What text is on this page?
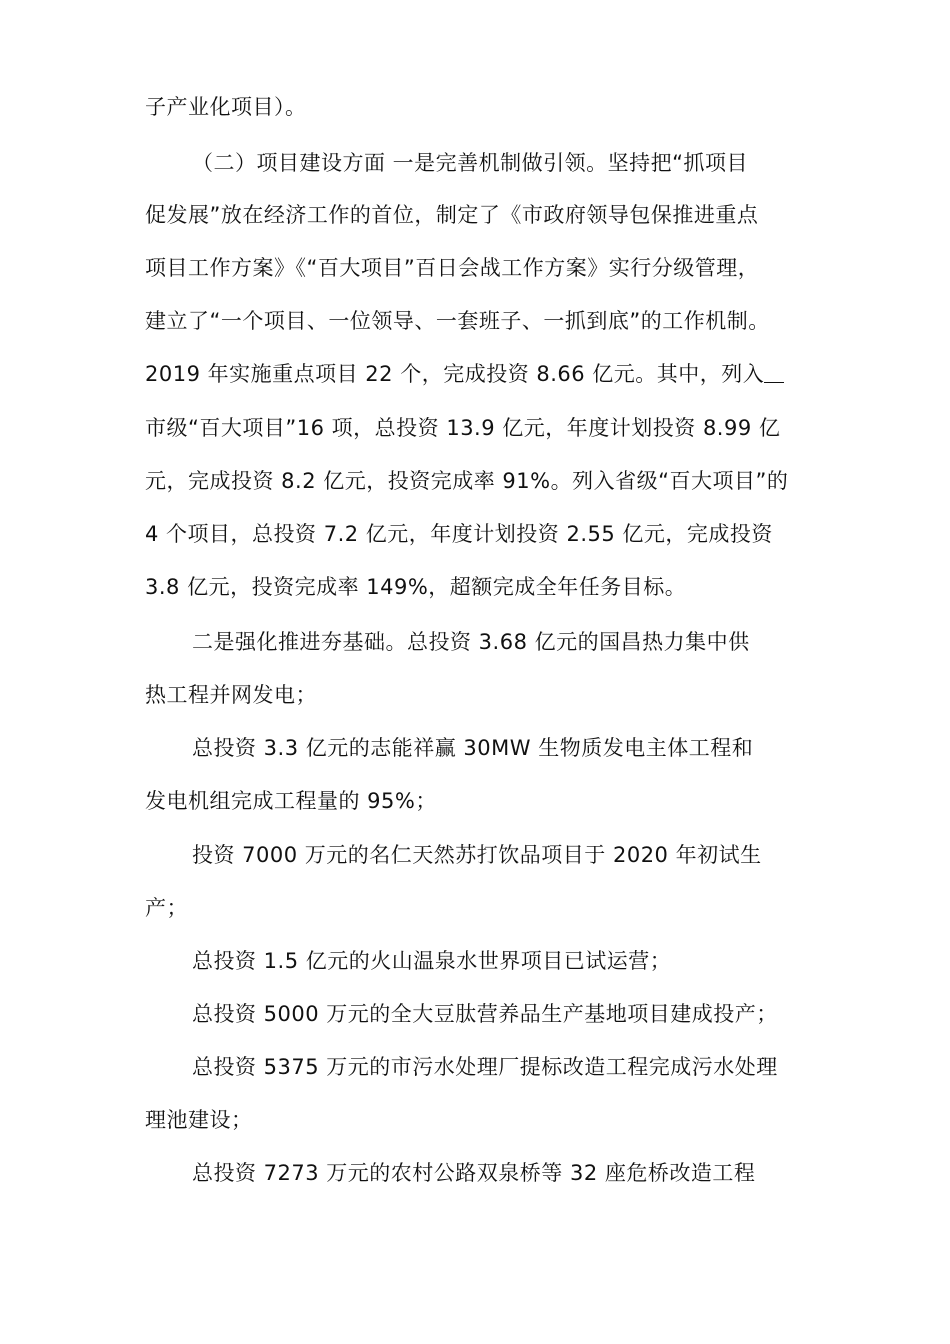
子产业化项目）。
（二）项目建设方面 一是完善机制做引领。坚持把“抓项目
促发展”放在经济工作的首位，制定了《市政府领导包保推进重点
项目工作方案》《“百大项目”百日会战工作方案》实行分级管理，
建立了“一个项目、一位领导、一套班子、一抓到底”的工作机制。
2019 年实施重点项目 22 个，完成投资 8.66 亿元。其中，列入
市级“百大项目”16 项，总投资 13.9 亿元，年度计划投资 8.99 亿
元，完成投资 8.2 亿元，投资完成率 91%。列入省级“百大项目”的
4 个项目，总投资 7.2 亿元，年度计划投资 2.55 亿元，完成投资
3.8 亿元，投资完成率 149%，超额完成全年任务目标。
二是强化推进夯基础。总投资 3.68 亿元的国昌热力集中供
热工程并网发电；
总投资 3.3 亿元的志能祥赢 30MW 生物质发电主体工程和
发电机组完成工程量的 95%；
投资 7000 万元的名仁天然苏打饮品项目于 2020 年初试生
产；
总投资 1.5 亿元的火山温泉水世界项目已试运营；
总投资 5000 万元的全大豆肽营养品生产基地项目建成投产；
总投资 5375 万元的市污水处理厂提标改造工程完成污水处理
理池建设；
总投资 7273 万元的农村公路双泉桥等 32 座危桥改造工程
